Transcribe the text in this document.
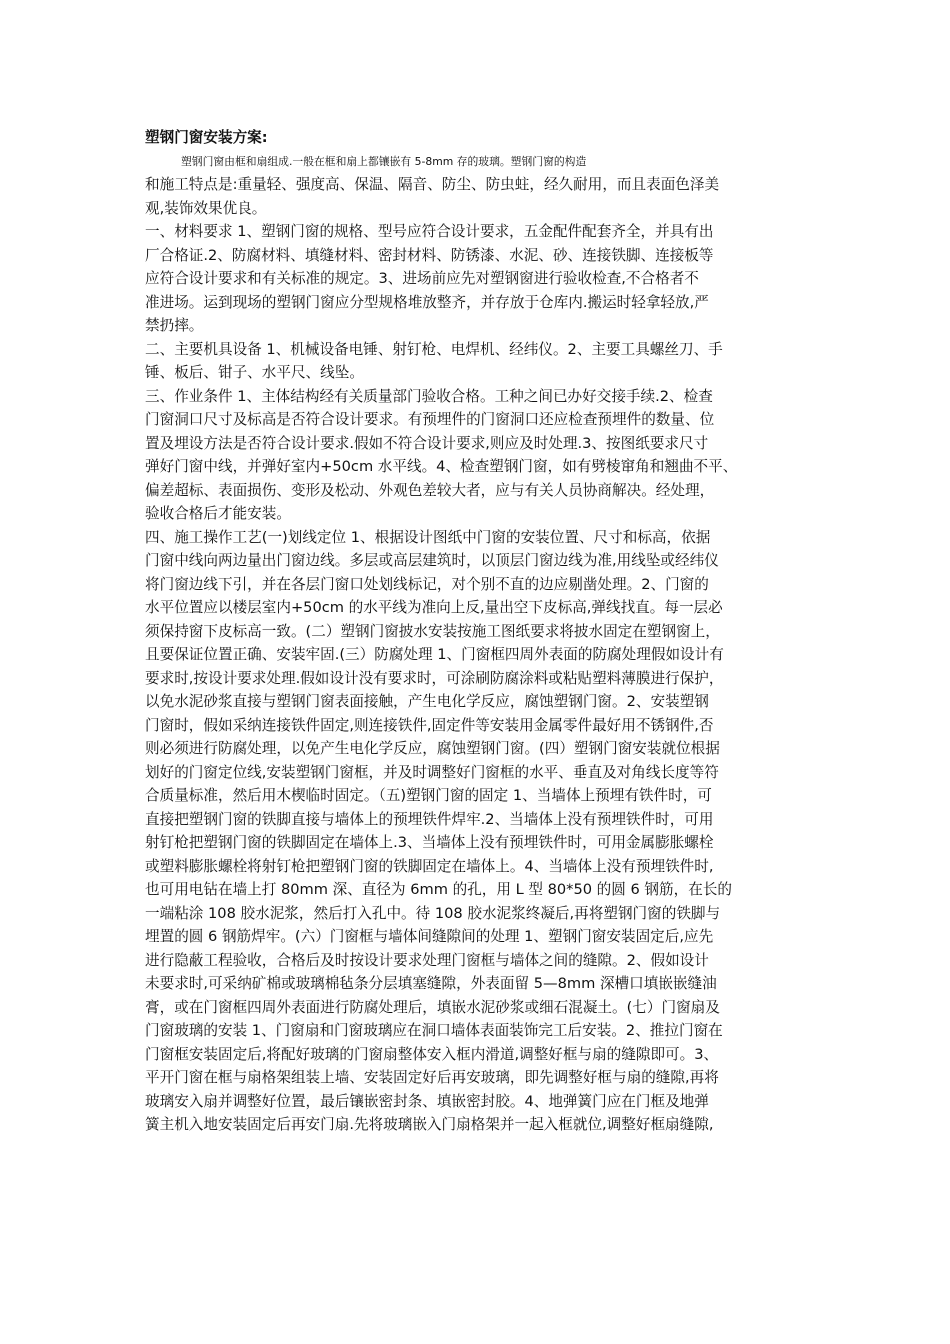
塑钢门窗安装方案:

塑钢门窗由框和扇组成.一般在框和扇上都镶嵌有 5-8mm 存的玻璃。塑钢门窗的构造

和施工特点是:重量轻、强度高、保温、隔音、防尘、防虫蛀，经久耐用，而且表面色泽美

观,装饰效果优良。

一、材料要求 1、塑钢门窗的规格、型号应符合设计要求，五金配件配套齐全，并具有出

厂合格证.2、防腐材料、填缝材料、密封材料、防锈漆、水泥、砂、连接铁脚、连接板等

应符合设计要求和有关标准的规定。3、进场前应先对塑钢窗进行验收检查,不合格者不

准进场。运到现场的塑钢门窗应分型规格堆放整齐，并存放于仓库内.搬运时轻拿轻放,严

禁扔摔。

二、主要机具设备 1、机械设备电锤、射钉枪、电焊机、经纬仪。2、主要工具螺丝刀、手

锤、板后、钳子、水平尺、线坠。

三、作业条件 1、主体结构经有关质量部门验收合格。工种之间已办好交接手续.2、检查

门窗洞口尺寸及标高是否符合设计要求。有预埋件的门窗洞口还应检查预埋件的数量、位

置及埋设方法是否符合设计要求.假如不符合设计要求,则应及时处理.3、按图纸要求尺寸

弹好门窗中线，并弹好室内+50cm 水平线。4、检查塑钢门窗，如有劈棱窜角和翘曲不平、

偏差超标、表面损伤、变形及松动、外观色差较大者，应与有关人员协商解决。经处理，

验收合格后才能安装。

四、施工操作工艺(一)划线定位 1、根据设计图纸中门窗的安装位置、尺寸和标高，依据

门窗中线向两边量出门窗边线。多层或高层建筑时，以顶层门窗边线为准,用线坠或经纬仪

将门窗边线下引，并在各层门窗口处划线标记，对个别不直的边应剔凿处理。2、门窗的

水平位置应以楼层室内+50cm 的水平线为准向上反,量出空下皮标高,弹线找直。每一层必

须保持窗下皮标高一致。(二）塑钢门窗披水安装按施工图纸要求将披水固定在塑钢窗上，

且要保证位置正确、安装牢固.(三）防腐处理 1、门窗框四周外表面的防腐处理假如设计有

要求时,按设计要求处理.假如设计没有要求时，可涂刷防腐涂料或粘贴塑料薄膜进行保护，

以免水泥砂浆直接与塑钢门窗表面接触，产生电化学反应，腐蚀塑钢门窗。2、安装塑钢

门窗时，假如采纳连接铁件固定,则连接铁件,固定件等安装用金属零件最好用不锈钢件,否

则必须进行防腐处理，以免产生电化学反应，腐蚀塑钢门窗。(四）塑钢门窗安装就位根据

划好的门窗定位线,安装塑钢门窗框，并及时调整好门窗框的水平、垂直及对角线长度等符

合质量标准，然后用木楔临时固定。（五)塑钢门窗的固定 1、当墙体上预埋有铁件时，可

直接把塑钢门窗的铁脚直接与墙体上的预埋铁件焊牢.2、当墙体上没有预埋铁件时，可用

射钉枪把塑钢门窗的铁脚固定在墙体上.3、当墙体上没有预埋铁件时，可用金属膨胀螺栓

或塑料膨胀螺栓将射钉枪把塑钢门窗的铁脚固定在墙体上。4、当墙体上没有预埋铁件时,

也可用电钻在墙上打 80mm 深、直径为 6mm 的孔，用 L 型 80*50 的圆 6 钢筋，在长的

一端粘涂 108 胶水泥浆，然后打入孔中。待 108 胶水泥浆终凝后,再将塑钢门窗的铁脚与

埋置的圆 6 钢筋焊牢。(六）门窗框与墙体间缝隙间的处理 1、塑钢门窗安装固定后,应先

进行隐蔽工程验收，合格后及时按设计要求处理门窗框与墙体之间的缝隙。2、假如设计

未要求时,可采纳矿棉或玻璃棉毡条分层填塞缝隙，外表面留 5—8mm 深槽口填嵌嵌缝油

膏，或在门窗框四周外表面进行防腐处理后，填嵌水泥砂浆或细石混凝土。(七）门窗扇及

门窗玻璃的安装 1、门窗扇和门窗玻璃应在洞口墙体表面装饰完工后安装。2、推拉门窗在

门窗框安装固定后,将配好玻璃的门窗扇整体安入框内滑道,调整好框与扇的缝隙即可。3、

平开门窗在框与扇格架组装上墙、安装固定好后再安玻璃，即先调整好框与扇的缝隙,再将

玻璃安入扇并调整好位置，最后镶嵌密封条、填嵌密封胶。4、地弹簧门应在门框及地弹

簧主机入地安装固定后再安门扇.先将玻璃嵌入门扇格架并一起入框就位,调整好框扇缝隙,
